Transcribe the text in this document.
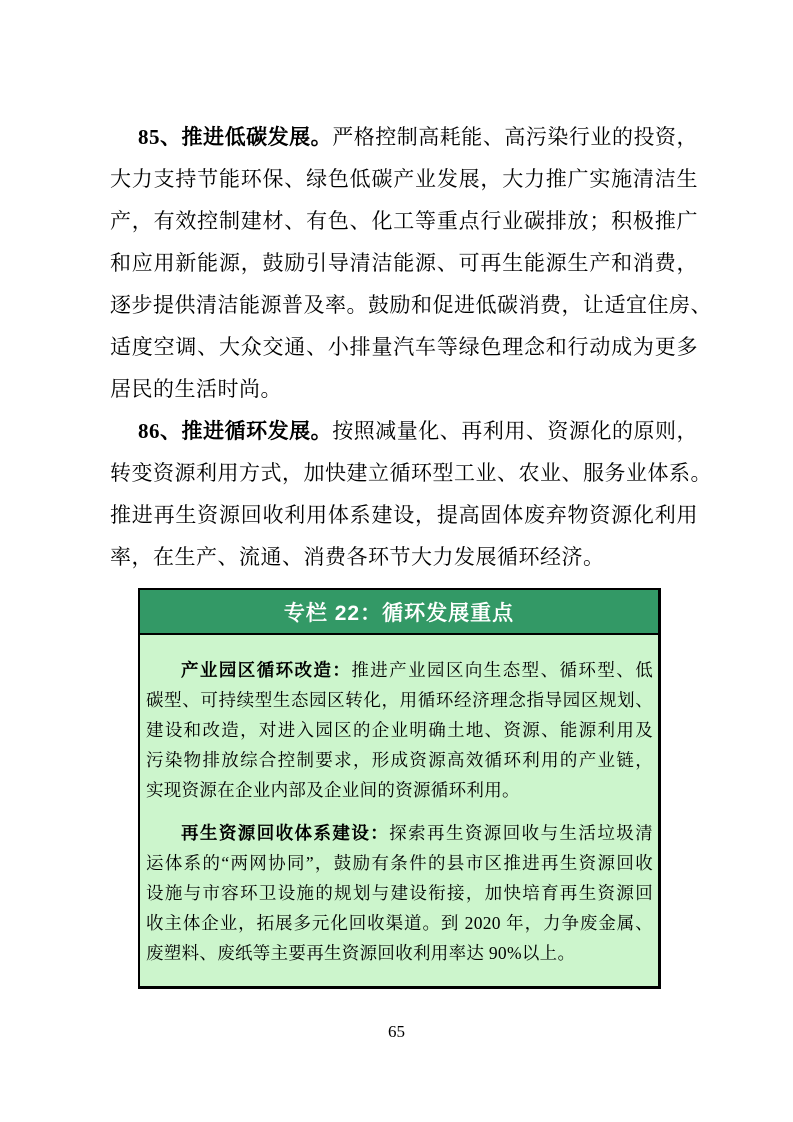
85、推进低碳发展。严格控制高耗能、高污染行业的投资，
大力支持节能环保、绿色低碳产业发展，大力推广实施清洁生
产，有效控制建材、有色、化工等重点行业碳排放；积极推广
和应用新能源，鼓励引导清洁能源、可再生能源生产和消费，
逐步提供清洁能源普及率。鼓励和促进低碳消费，让适宜住房、
适度空调、大众交通、小排量汽车等绿色理念和行动成为更多
居民的生活时尚。
86、推进循环发展。按照减量化、再利用、资源化的原则，
转变资源利用方式，加快建立循环型工业、农业、服务业体系。
推进再生资源回收利用体系建设，提高固体废弃物资源化利用
率，在生产、流通、消费各环节大力发展循环经济。
专栏 22：循环发展重点
产业园区循环改造：推进产业园区向生态型、循环型、低
碳型、可持续型生态园区转化，用循环经济理念指导园区规划、
建设和改造，对进入园区的企业明确土地、资源、能源利用及
污染物排放综合控制要求，形成资源高效循环利用的产业链，
实现资源在企业内部及企业间的资源循环利用。
再生资源回收体系建设：探索再生资源回收与生活垃圾清
运体系的“两网协同”，鼓励有条件的县市区推进再生资源回收
设施与市容环卫设施的规划与建设衔接，加快培育再生资源回
收主体企业，拓展多元化回收渠道。到 2020 年，力争废金属、
废塑料、废纸等主要再生资源回收利用率达 90%以上。
65
